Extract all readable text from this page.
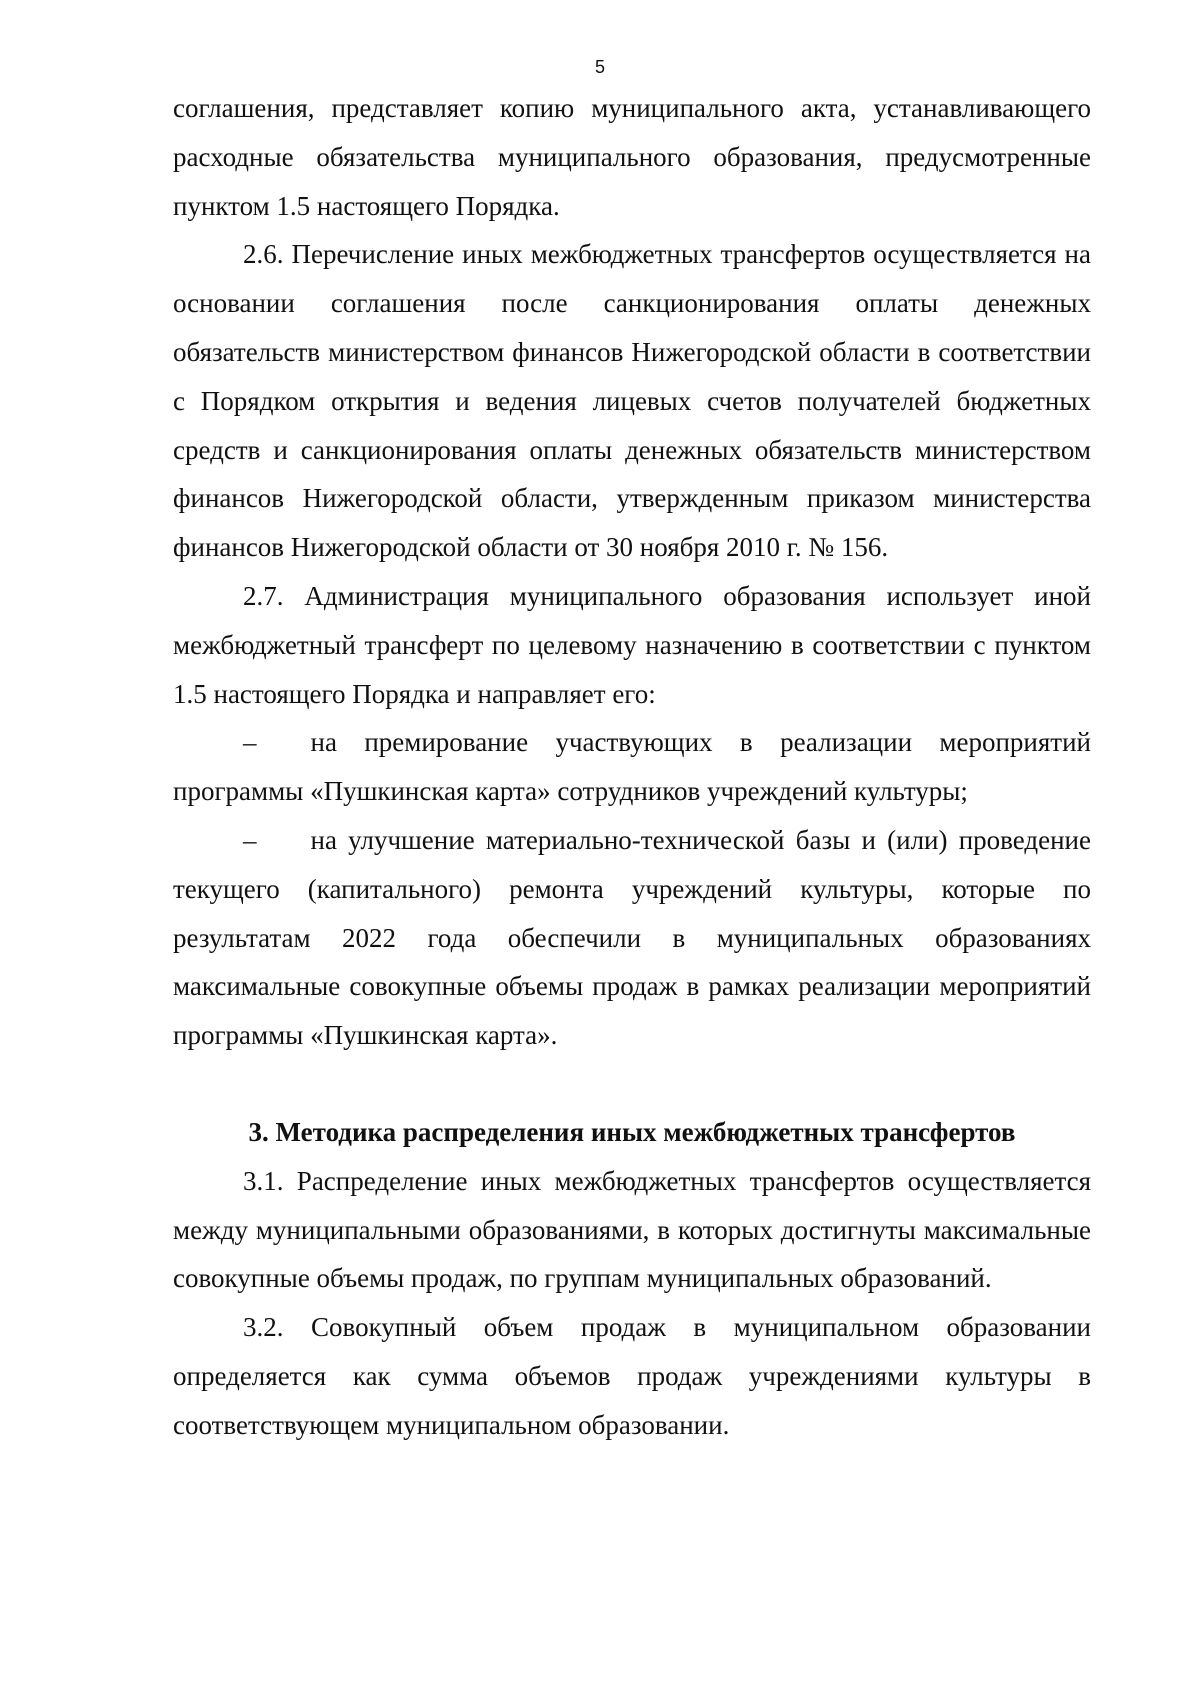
5

соглашения, представляет копию муниципального акта, устанавливающего расходные обязательства муниципального образования, предусмотренные пунктом 1.5 настоящего Порядка.

2.6. Перечисление иных межбюджетных трансфертов осуществляется на основании соглашения после санкционирования оплаты денежных обязательств министерством финансов Нижегородской области в соответствии с Порядком открытия и ведения лицевых счетов получателей бюджетных средств и санкционирования оплаты денежных обязательств министерством финансов Нижегородской области, утвержденным приказом министерства финансов Нижегородской области от 30 ноября 2010 г. № 156.

2.7. Администрация муниципального образования использует иной межбюджетный трансферт по целевому назначению в соответствии с пунктом 1.5 настоящего Порядка и направляет его:

–  на премирование участвующих в реализации мероприятий программы «Пушкинская карта» сотрудников учреждений культуры;

–  на улучшение материально-технической базы и (или) проведение текущего (капитального) ремонта учреждений культуры, которые по результатам 2022 года обеспечили в муниципальных образованиях максимальные совокупные объемы продаж в рамках реализации мероприятий программы «Пушкинская карта».

3. Методика распределения иных межбюджетных трансфертов

3.1. Распределение иных межбюджетных трансфертов осуществляется между муниципальными образованиями, в которых достигнуты максимальные совокупные объемы продаж, по группам муниципальных образований.

3.2. Совокупный объем продаж в муниципальном образовании определяется как сумма объемов продаж учреждениями культуры в соответствующем муниципальном образовании.
